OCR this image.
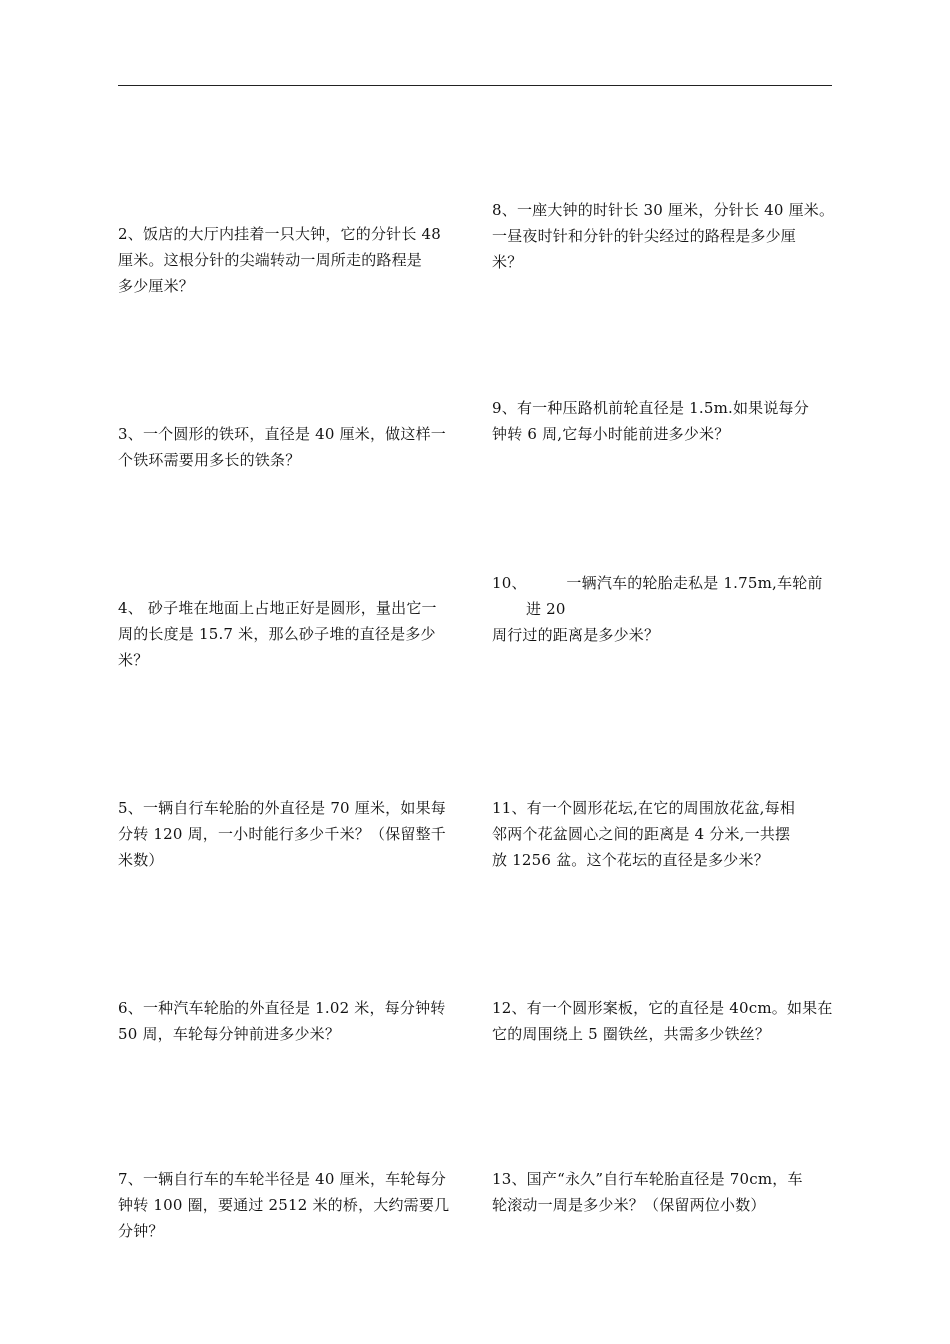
2、饭店的大厅内挂着一只大钟，它的分针长 48
厘米。这根分针的尖端转动一周所走的路程是
多少厘米？
3、一个圆形的铁环，直径是 40 厘米，做这样一
个铁环需要用多长的铁条？
4、 砂子堆在地面上占地正好是圆形，量出它一
周的长度是 15.7 米，那么砂子堆的直径是多少
米？
5、一辆自行车轮胎的外直径是 70 厘米，如果每
分转 120 周，一小时能行多少千米？（保留整千
米数）
6、一种汽车轮胎的外直径是 1.02 米，每分钟转
50 周，车轮每分钟前进多少米？
7、一辆自行车的车轮半径是 40 厘米，车轮每分
钟转 100 圈，要通过 2512 米的桥，大约需要几
分钟？
8、一座大钟的时针长 30 厘米，分针长 40 厘米。
一昼夜时针和分针的针尖经过的路程是多少厘
米？
9、有一种压路机前轮直径是 1.5m.如果说每分
钟转 6 周,它每小时能前进多少米？
10、        一辆汽车的轮胎走私是 1.75m,车轮前
进 20
周行过的距离是多少米？
11、有一个圆形花坛,在它的周围放花盆,每相
邻两个花盆圆心之间的距离是 4 分米,一共摆
放 1256 盆。这个花坛的直径是多少米？
12、有一个圆形案板，它的直径是 40cm。如果在
它的周围绕上 5 圈铁丝，共需多少铁丝？
13、国产“永久”自行车轮胎直径是 70cm，车
轮滚动一周是多少米？（保留两位小数）
